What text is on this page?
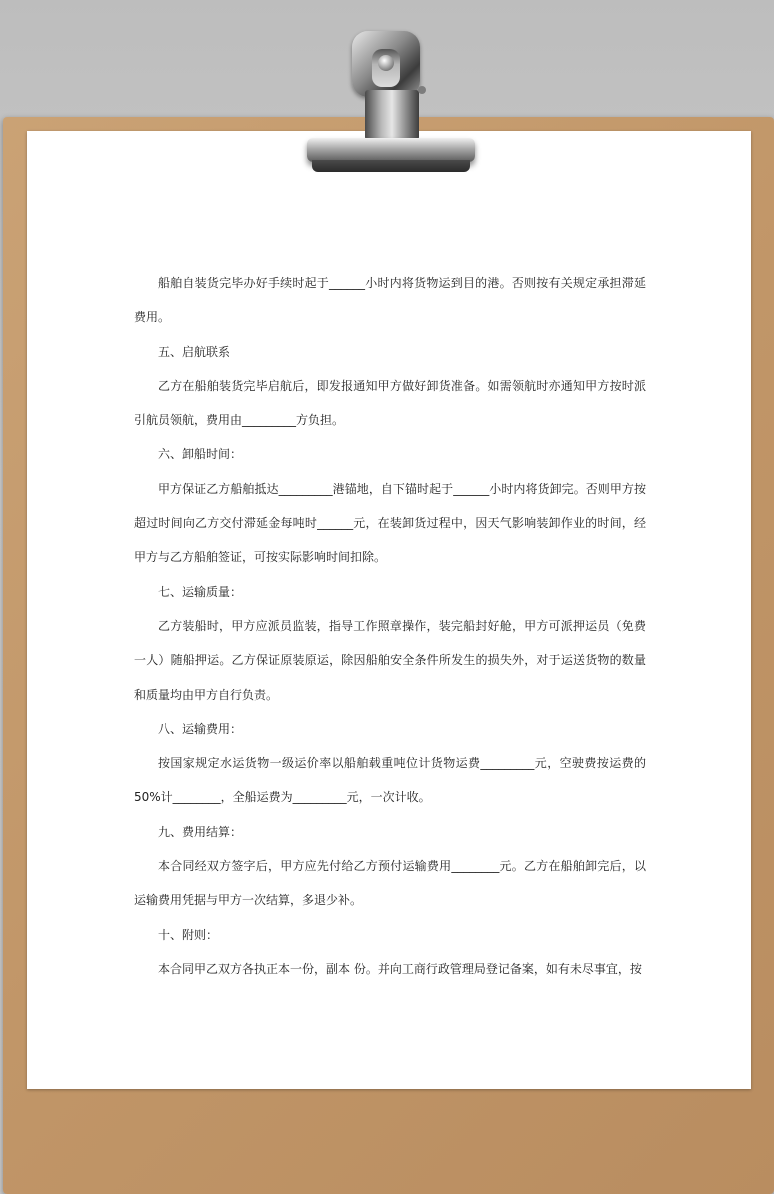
船舶自装货完毕办好手续时起于______小时内将货物运到目的港。否则按有关规定承担滞延费用。

五、启航联系

乙方在船舶装货完毕启航后，即发报通知甲方做好卸货准备。如需领航时亦通知甲方按时派引航员领航，费用由_________方负担。

六、卸船时间：

甲方保证乙方船舶抵达_________港锚地，自下锚时起于______小时内将货卸完。否则甲方按超过时间向乙方交付滞延金每吨时______元，在装卸货过程中，因天气影响装卸作业的时间，经甲方与乙方船舶签证，可按实际影响时间扣除。

七、运输质量：

乙方装船时，甲方应派员监装，指导工作照章操作，装完船封好舱，甲方可派押运员（免费一人）随船押运。乙方保证原装原运，除因船舶安全条件所发生的损失外，对于运送货物的数量和质量均由甲方自行负责。

八、运输费用：

按国家规定水运货物一级运价率以船舶载重吨位计货物运费_________元，空驶费按运费的50%计________，全船运费为_________元，一次计收。

九、费用结算：

本合同经双方签字后，甲方应先付给乙方预付运输费用________元。乙方在船舶卸完后，以运输费用凭据与甲方一次结算，多退少补。

十、附则：

本合同甲乙双方各执正本一份，副本 份。并向工商行政管理局登记备案，如有未尽事宜，按
